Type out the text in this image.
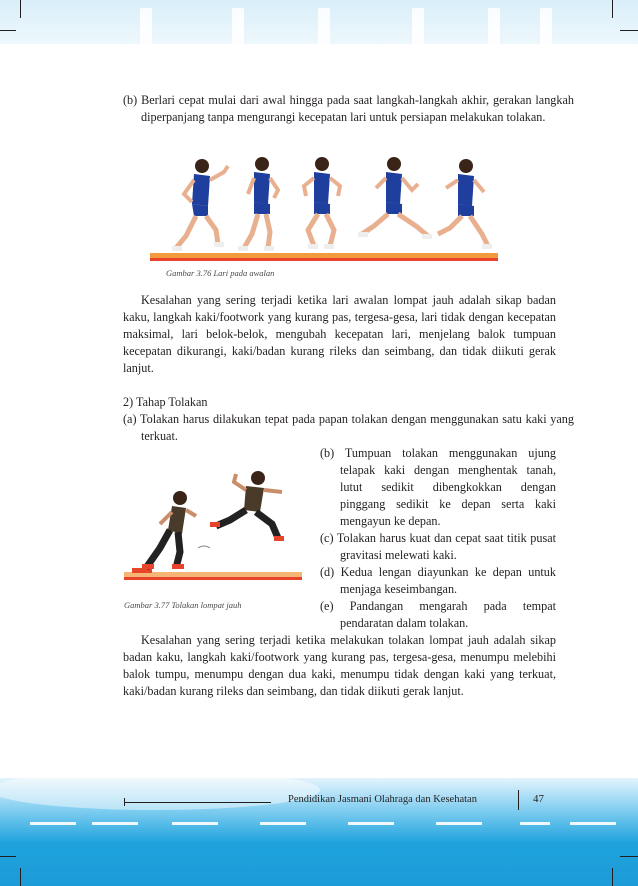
(b) Berlari cepat mulai dari awal hingga pada saat langkah-langkah akhir, gerakan langkah diperpanjang tanpa mengurangi kecepatan lari untuk persiapan melakukan tolakan.
Gambar 3.76 Lari pada awalan
Kesalahan yang sering terjadi ketika lari awalan lompat jauh adalah sikap badan kaku, langkah kaki/footwork yang kurang pas, tergesa-gesa, lari tidak dengan kecepatan maksimal, lari belok-belok, mengubah kecepatan lari, menjelang balok tumpuan kecepatan dikurangi, kaki/badan kurang rileks dan seimbang, dan tidak diikuti gerak lanjut.
2) Tahap Tolakan
(a) Tolakan harus dilakukan tepat pada papan tolakan dengan menggunakan satu kaki yang terkuat.
(b) Tumpuan tolakan menggunakan ujung telapak kaki dengan menghentak tanah, lutut sedikit dibengkokkan dengan pinggang sedikit ke depan serta kaki mengayun ke depan.
(c) Tolakan harus kuat dan cepat saat titik pusat gravitasi melewati kaki.
(d) Kedua lengan diayunkan ke depan untuk menjaga keseimbangan.
(e) Pandangan mengarah pada tempat pendaratan dalam tolakan.
Gambar 3.77 Tolakan lompat jauh
Kesalahan yang sering terjadi ketika melakukan tolakan lompat jauh adalah sikap badan kaku, langkah kaki/footwork yang kurang pas, tergesa-gesa, menumpu melebihi balok tumpu, menumpu dengan dua kaki, menumpu tidak dengan kaki yang terkuat, kaki/badan kurang rileks dan seimbang, dan tidak diikuti gerak lanjut.
Pendidikan Jasmani Olahraga dan Kesehatan	47
